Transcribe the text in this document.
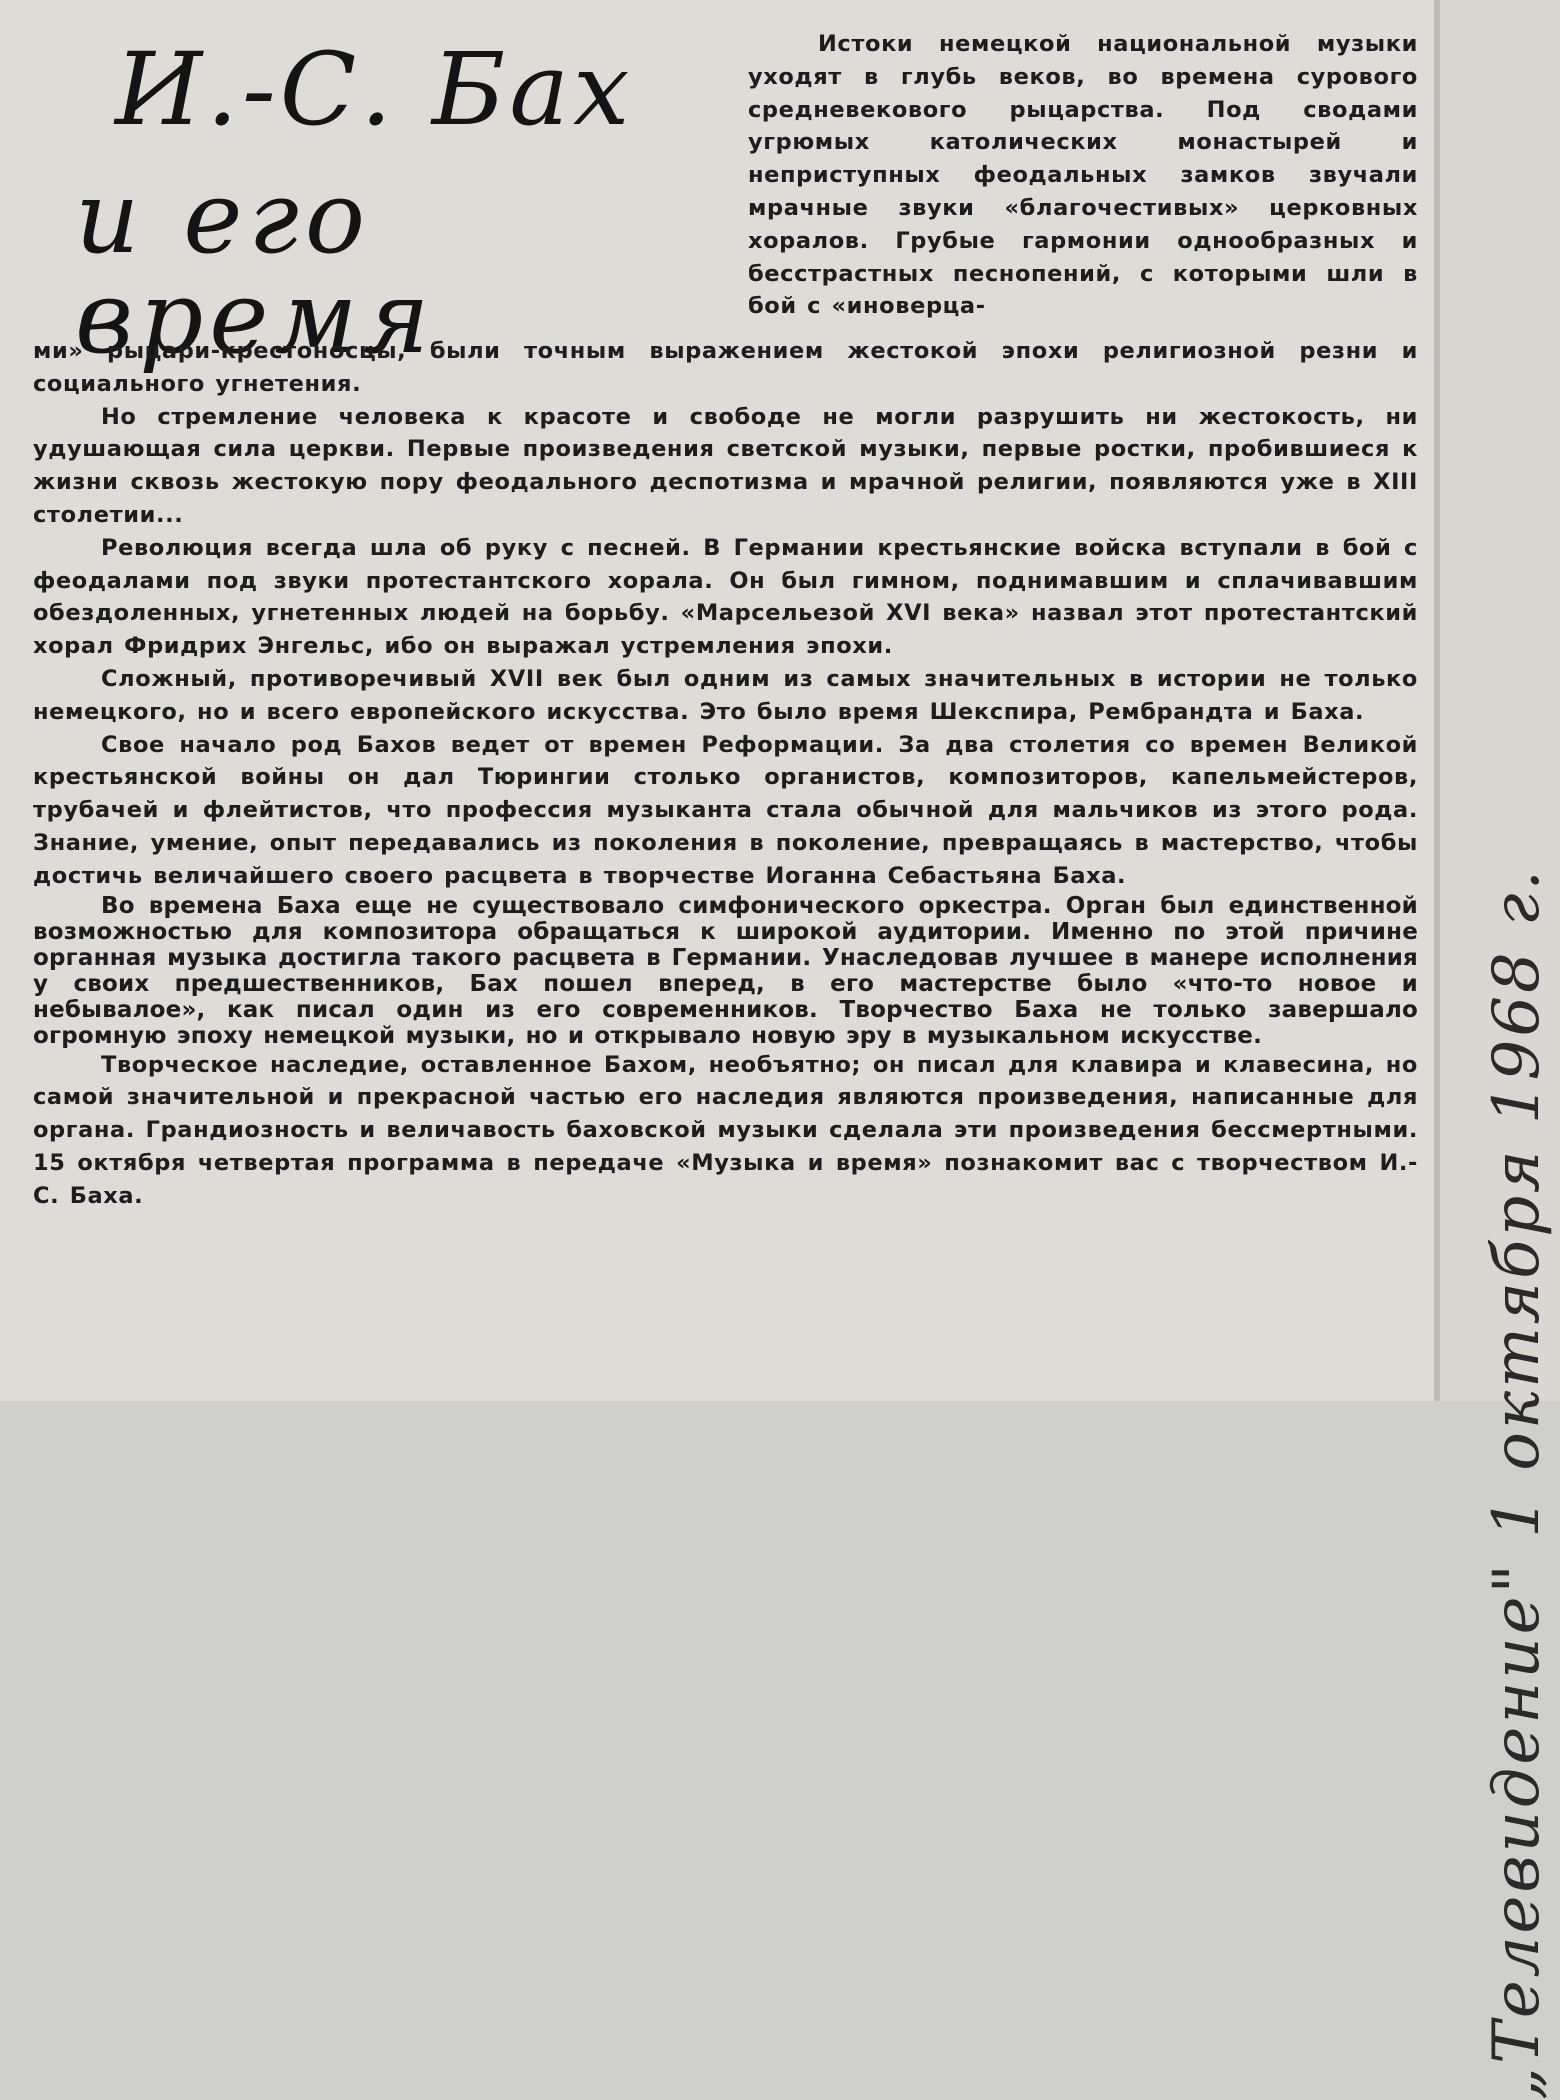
И.-С. Бах
и его время

Истоки немецкой национальной музыки уходят в глубь веков, во времена сурового средневекового рыцарства. Под сводами угрюмых католических монастырей и неприступных феодальных замков звучали мрачные звуки «благочестивых» церковных хоралов. Грубые гармонии однообразных и бесстрастных песнопений, с которыми шли в бой с «иноверца-

ми» рыцари-крестоносцы, были точным выражением жестокой эпохи религиозной резни и социального угнетения.

Но стремление человека к красоте и свободе не могли разрушить ни жестокость, ни удушающая сила церкви. Первые произведения светской музыки, первые ростки, пробившиеся к жизни сквозь жестокую пору феодального деспотизма и мрачной религии, появляются уже в XIII столетии...

Революция всегда шла об руку с песней. В Германии крестьянские войска вступали в бой с феодалами под звуки протестантского хорала. Он был гимном, поднимавшим и сплачивавшим обездоленных, угнетенных людей на борьбу. «Марсельезой XVI века» назвал этот протестантский хорал Фридрих Энгельс, ибо он выражал устремления эпохи.

Сложный, противоречивый XVII век был одним из самых значительных в истории не только немецкого, но и всего европейского искусства. Это было время Шекспира, Рембрандта и Баха.

Свое начало род Бахов ведет от времен Реформации. За два столетия со времен Великой крестьянской войны он дал Тюрингии столько органистов, композиторов, капельмейстеров, трубачей и флейтистов, что профессия музыканта стала обычной для мальчиков из этого рода. Знание, умение, опыт передавались из поколения в поколение, превращаясь в мастерство, чтобы достичь величайшего своего расцвета в творчестве Иоганна Себастьяна Баха.

Во времена Баха еще не существовало симфонического оркестра. Орган был единственной возможностью для композитора обращаться к широкой аудитории. Именно по этой причине органная музыка достигла такого расцвета в Германии. Унаследовав лучшее в манере исполнения у своих предшественников, Бах пошел вперед, в его мастерстве было «что-то новое и небывалое», как писал один из его современников. Творчество Баха не только завершало огромную эпоху немецкой музыки, но и открывало новую эру в музыкальном искусстве.

Творческое наследие, оставленное Бахом, необъятно; он писал для клавира и клавесина, но самой значительной и прекрасной частью его наследия являются произведения, написанные для органа. Грандиозность и величавость баховской музыки сделала эти произведения бессмертными. 15 октября четвертая программа в передаче «Музыка и время» познакомит вас с творчеством И.-С. Баха.	„Телевидение" 1 октября 1968 г.
